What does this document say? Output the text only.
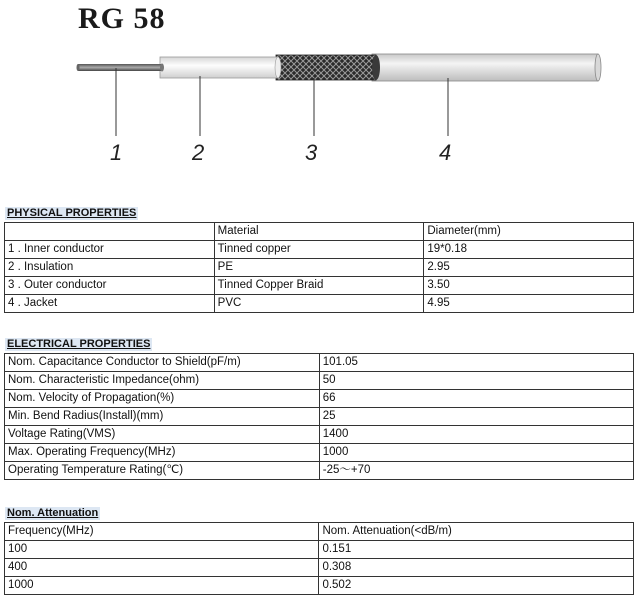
RG 58
1	2	3	4
PHYSICAL PROPERTIES
	Material	Diameter(mm)
1 . Inner conductor	Tinned copper	19*0.18
2 . Insulation	PE	2.95
3 . Outer conductor	Tinned Copper Braid	3.50
4 . Jacket	PVC	4.95
ELECTRICAL PROPERTIES
Nom. Capacitance Conductor to Shield(pF/m)	101.05
Nom. Characteristic Impedance(ohm)	50
Nom. Velocity of Propagation(%)	66
Min. Bend Radius(Install)(mm)	25
Voltage Rating(VMS)	1400
Max. Operating Frequency(MHz)	1000
Operating Temperature Rating(℃)	-25～+70
Nom. Attenuation
Frequency(MHz)	Nom. Attenuation(<dB/m)
100	0.151
400	0.308
1000	0.502
